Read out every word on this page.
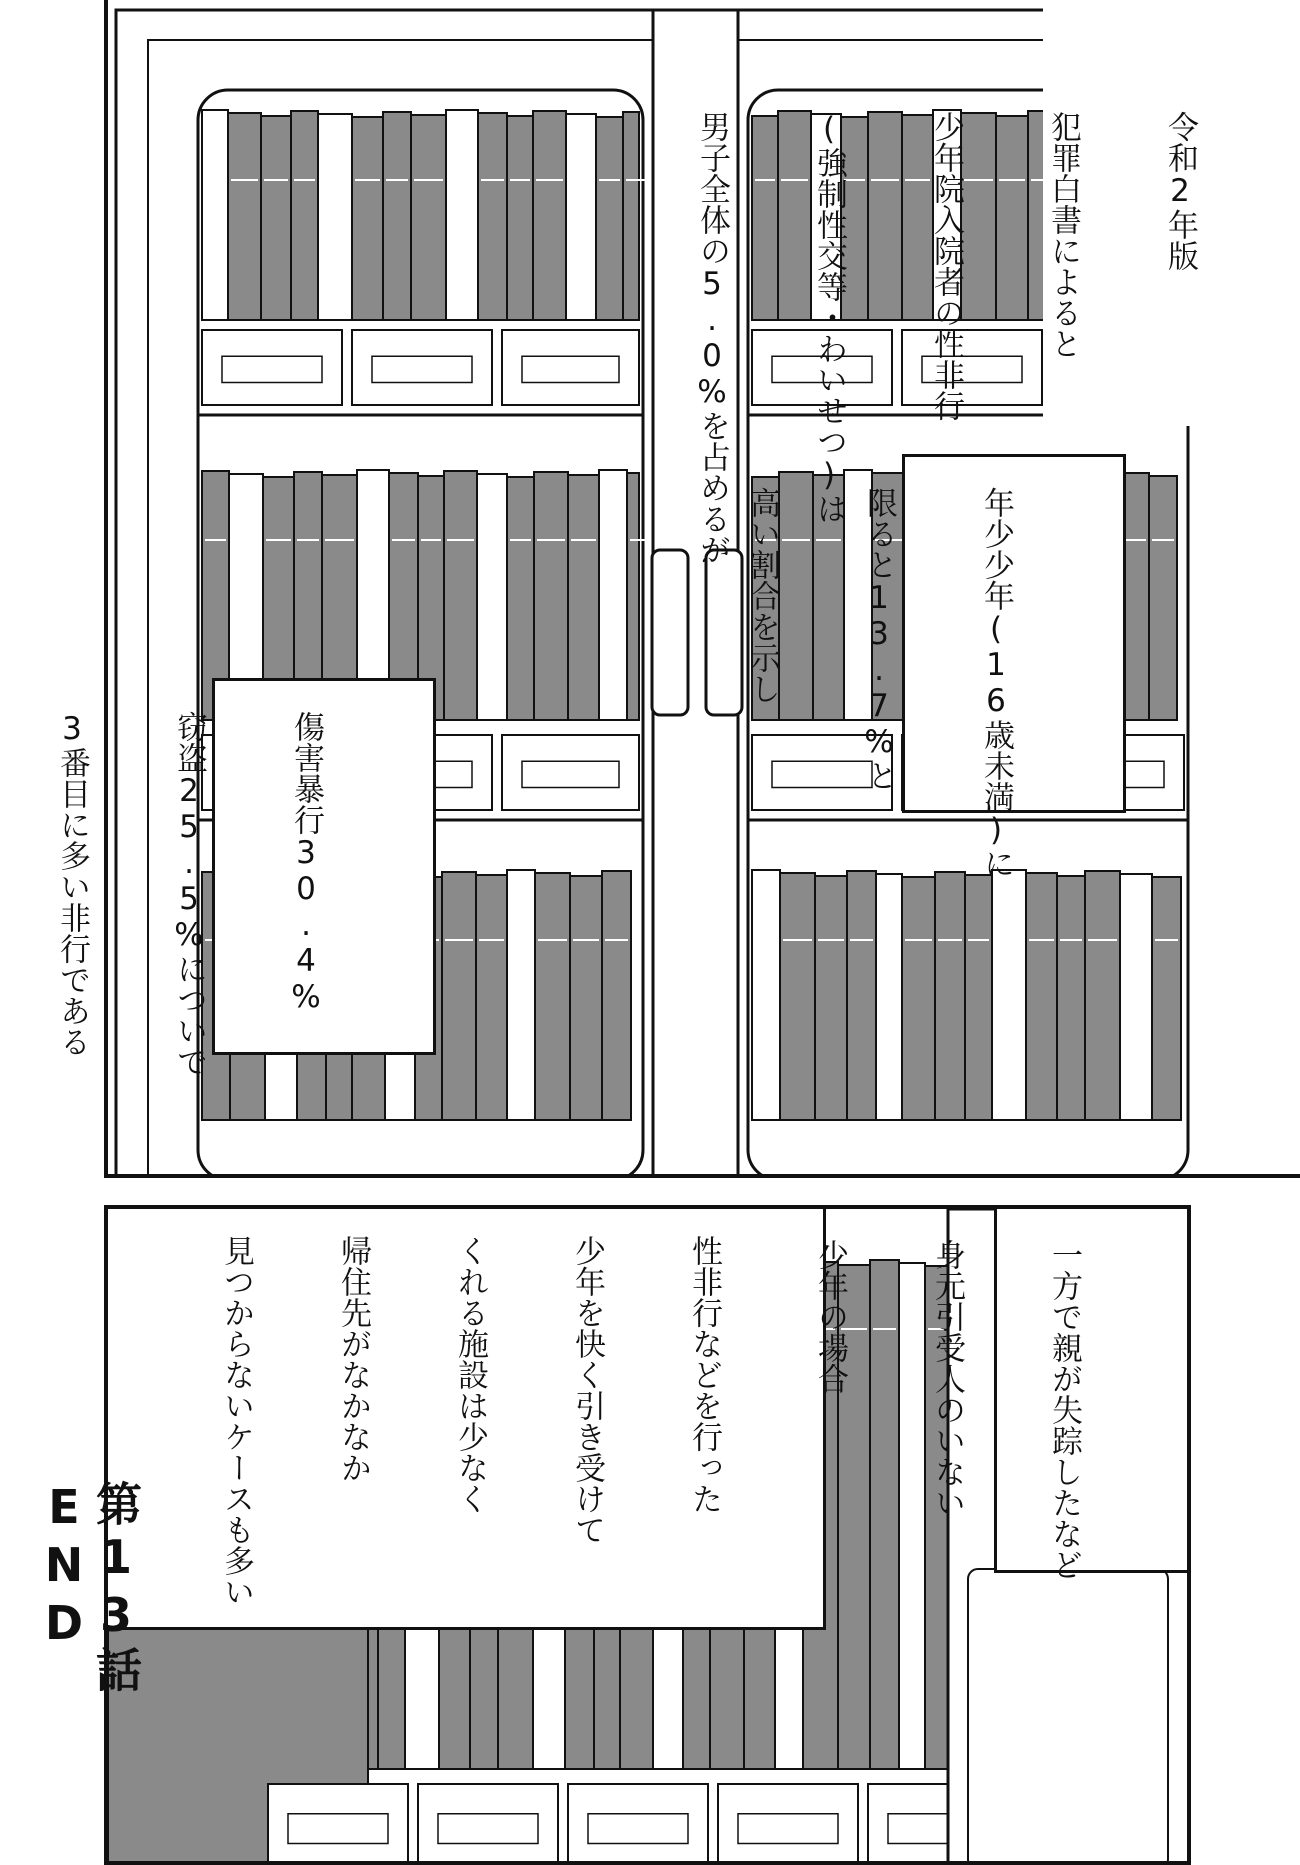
令和2年版

犯罪白書によると

少年院入院者の性非行

(強制性交等・わいせつ)は

男子全体の5.0%を占めるが

年少少年(16歳未満)に

限ると13.7%と

高い割合を示し

傷害暴行30.4%

窃盗25.5%についで

3番目に多い非行である

性非行などを行った

少年を快く引き受けて

くれる施設は少なく

帰住先がなかなか

見つからないケースも多い

	一方で親が失踪したなど

身元引受人のいない

少年の場合

第13話 END
